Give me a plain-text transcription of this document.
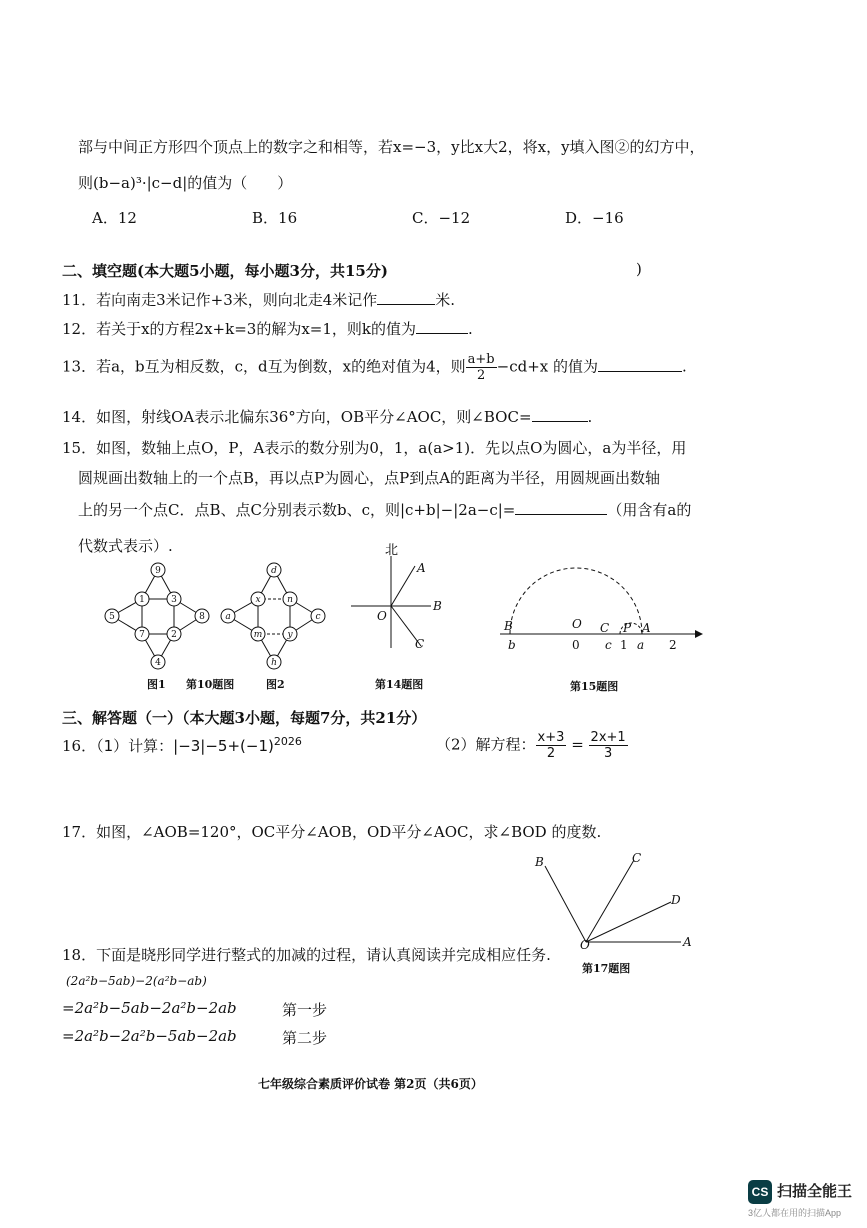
部与中间正方形四个顶点上的数字之和相等，若x=−3，y比x大2，将x，y填入图②的幻方中，
则(b−a)³·|c−d|的值为（　　）
A．12	B．16	C．−12	D．−16
二、填空题(本大题5小题，每小题3分，共15分)	)
11．若向南走3米记作+3米，则向北走4米记作	米.
12．若关于x的方程2x+k=3的解为x=1，则k的值为	.
13．若a，b互为相反数，c，d互为倒数，x的绝对值为4，则 $\frac{a+b}{2} -cd+x$ 的值为	.
14．如图，射线OA表示北偏东36°方向，OB平分∠AOC，则∠BOC=	.
15．如图，数轴上点O，P，A表示的数分别为0，1，a(a>1)．先以点O为圆心，a为半径，用
圆规画出数轴上的一个点B，再以点P为圆心，点P到点A的距离为半径，用圆规画出数轴
上的另一个点C．点B、点C分别表示数b、c，则|c+b|−|2a−c|=	（用含有a的
代数式表示）.
9
1	3
5	8
7	2
4
d
x	n
a	c
m	y
h
图1 第10题图	图2
北
A
B
C
O
第14题图
B	O C P A
b	0 c 1 a 2
第15题图
三、解答题（一）（本大题3小题，每题7分，共21分）
16．（1）计算：$|-3|-5+(-1)^{2026}$	（2）解方程： $\frac{x+3}{2} = \frac{2x+1}{3}$
17．如图，∠AOB=120°，OC平分∠AOB，OD平分∠AOC，求∠BOD 的度数.
B	C
D
O	A
第17题图
18．下面是晓彤同学进行整式的加减的过程，请认真阅读并完成相应任务.
(2a²b−5ab)−2(a²b−ab)
=2a²b−5ab−2a²b−2ab	第一步
=2a²b−2a²b−5ab−2ab	第二步
七年级综合素质评价试卷 第2页（共6页）
CS 扫描全能王
3亿人都在用的扫描App
